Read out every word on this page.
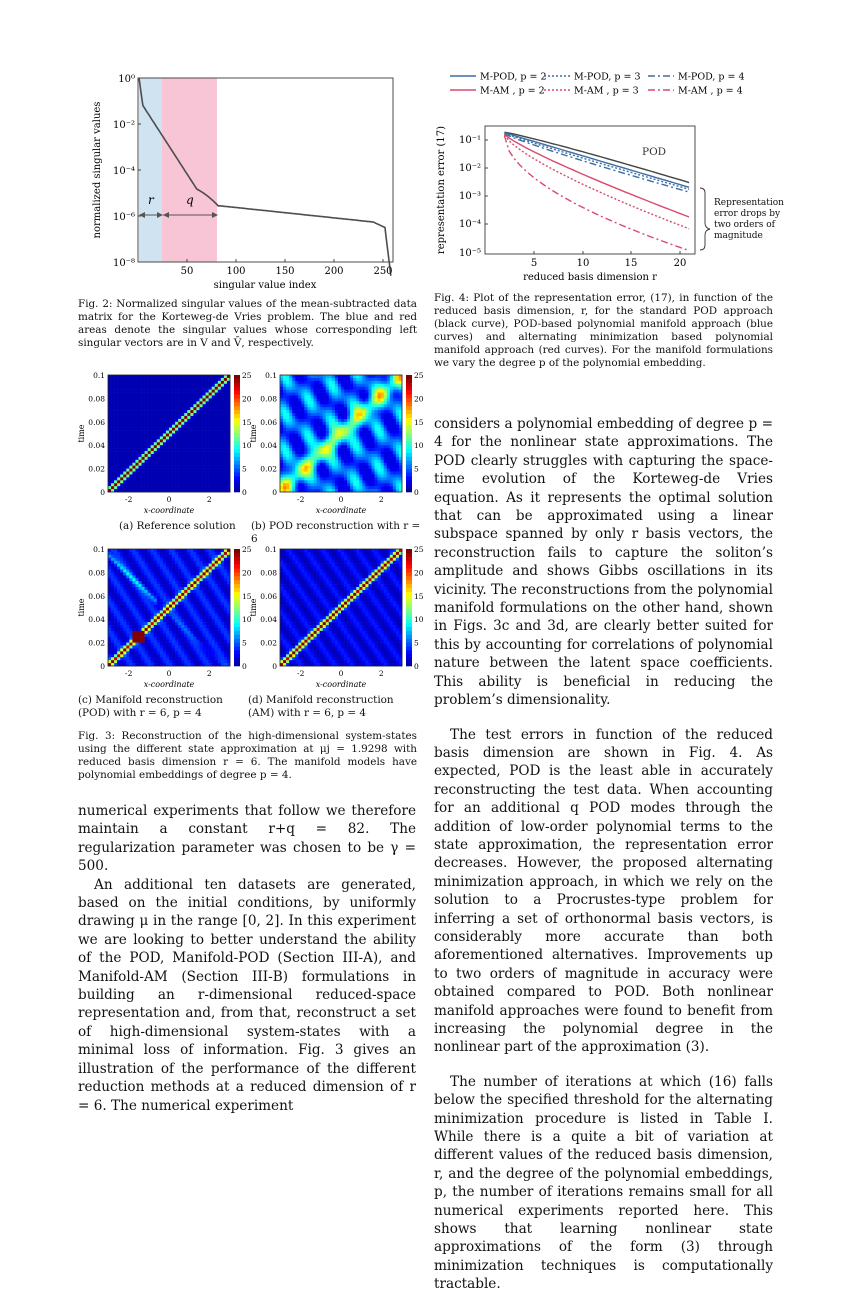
r	q
10⁰
10⁻²
10⁻⁴
10⁻⁶
10⁻⁸
50	100	150	200	250
singular value index
normalized singular values
Fig. 2: Normalized singular values of the mean-subtracted data matrix for the Korteweg-de Vries problem. The blue and red areas denote the singular values whose corresponding left singular vectors are in V and V̄, respectively.
M-POD, p = 2	M-POD, p = 3	M-POD, p = 4
M-AM , p = 2	M-AM , p = 3	M-AM , p = 4
POD
10⁻¹
10⁻²
10⁻³
10⁻⁴
10⁻⁵
5	10	15	20
reduced basis dimension r
representation error (17)	Representation
error drops by
two orders of
magnitude
Fig. 4: Plot of the representation error, (17), in function of the reduced basis dimension, r, for the standard POD approach (black curve), POD-based polynomial manifold approach (blue curves) and alternating minimization based polynomial manifold approach (red curves). For the manifold formulations we vary the degree p of the polynomial embedding.
25
20
15
10
5
0
0.1
0.08
0.06
0.04
0.02
0
-2	0	2
x-coordinate
time
25
20
15
10
5
0
0.1
0.08
0.06
0.04
0.02
0
-2	0	2
x-coordinate
time
25
20
15
10
5
0
0.1
0.08
0.06
0.04
0.02
0
-2	0	2
x-coordinate
time
25
20
15
10
5
0
0.1
0.08
0.06
0.04
0.02
0
-2	0	2
x-coordinate
time
(a) Reference solution	(b) POD reconstruction with r = 6
(c) Manifold reconstruction (POD) with r = 6, p = 4
(d) Manifold reconstruction (AM) with r = 6, p = 4
Fig. 3: Reconstruction of the high-dimensional system-states using the different state approximation at μj = 1.9298 with reduced basis dimension r = 6. The manifold models have polynomial embeddings of degree p = 4.

numerical experiments that follow we therefore maintain a constant r+q = 82. The regularization parameter was chosen to be γ = 500.

An additional ten datasets are generated, based on the initial conditions, by uniformly drawing μ in the range [0, 2]. In this experiment we are looking to better understand the ability of the POD, Manifold-POD (Section III-A), and Manifold-AM (Section III-B) formulations in building an r-dimensional reduced-space representation and, from that, reconstruct a set of high-dimensional system-states with a minimal loss of information. Fig. 3 gives an illustration of the performance of the different reduction methods at a reduced dimension of r = 6. The numerical experiment

considers a polynomial embedding of degree p = 4 for the nonlinear state approximations. The POD clearly struggles with capturing the space-time evolution of the Korteweg-de Vries equation. As it represents the optimal solution that can be approximated using a linear subspace spanned by only r basis vectors, the reconstruction fails to capture the soliton’s amplitude and shows Gibbs oscillations in its vicinity. The reconstructions from the polynomial manifold formulations on the other hand, shown in Figs. 3c and 3d, are clearly better suited for this by accounting for correlations of polynomial nature between the latent space coefficients. This ability is beneficial in reducing the problem’s dimensionality.

The test errors in function of the reduced basis dimension are shown in Fig. 4. As expected, POD is the least able in accurately reconstructing the test data. When accounting for an additional q POD modes through the addition of low-order polynomial terms to the state approximation, the representation error decreases. However, the proposed alternating minimization approach, in which we rely on the solution to a Procrustes-type problem for inferring a set of orthonormal basis vectors, is considerably more accurate than both aforementioned alternatives. Improvements up to two orders of magnitude in accuracy were obtained compared to POD. Both nonlinear manifold approaches were found to benefit from increasing the polynomial degree in the nonlinear part of the approximation (3).

The number of iterations at which (16) falls below the specified threshold for the alternating minimization procedure is listed in Table I. While there is a quite a bit of variation at different values of the reduced basis dimension, r, and the degree of the polynomial embeddings, p, the number of iterations remains small for all numerical experiments reported here. This shows that learning nonlinear state approximations of the form (3) through minimization techniques is computationally tractable.
